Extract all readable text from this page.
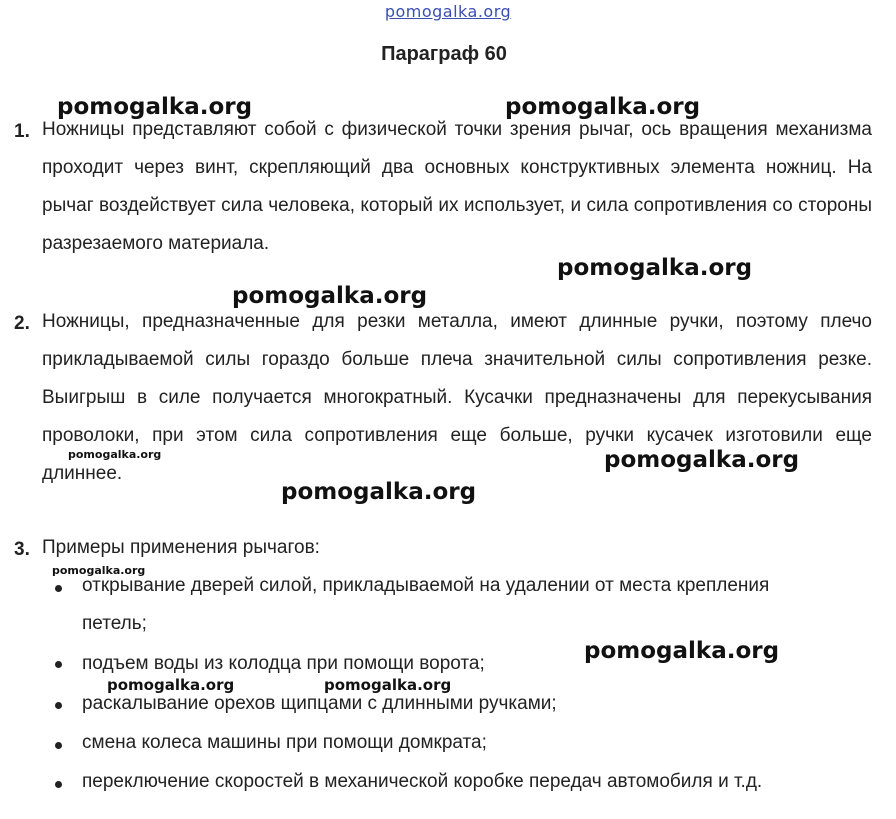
pomogalka.org
Параграф 60
1. Ножницы представляют собой с физической точки зрения рычаг, ось вращения механизма проходит через винт, скрепляющий два основных конструктивных элемента ножниц. На рычаг воздействует сила человека, который их использует, и сила сопротивления со стороны разрезаемого материала.

2. Ножницы, предназначенные для резки металла, имеют длинные ручки, поэтому плечо прикладываемой силы гораздо больше плеча значительной силы сопротивления резке. Выигрыш в силе получается многократный. Кусачки предназначены для перекусывания проволоки, при этом сила сопротивления еще больше, ручки кусачек изготовили еще длиннее.

3. Примеры применения рычагов:

открывание дверей силой, прикладываемой на удалении от места крепления петель;
подъем воды из колодца при помощи ворота;
раскалывание орехов щипцами с длинными ручками;
смена колеса машины при помощи домкрата;
переключение скоростей в механической коробке передач автомобиля и т.д.
pomogalka.org	pomogalka.org
pomogalka.org
pomogalka.org
pomogalka.org	pomogalka.org
pomogalka.org
pomogalka.org
pomogalka.org
pomogalka.org	pomogalka.org
